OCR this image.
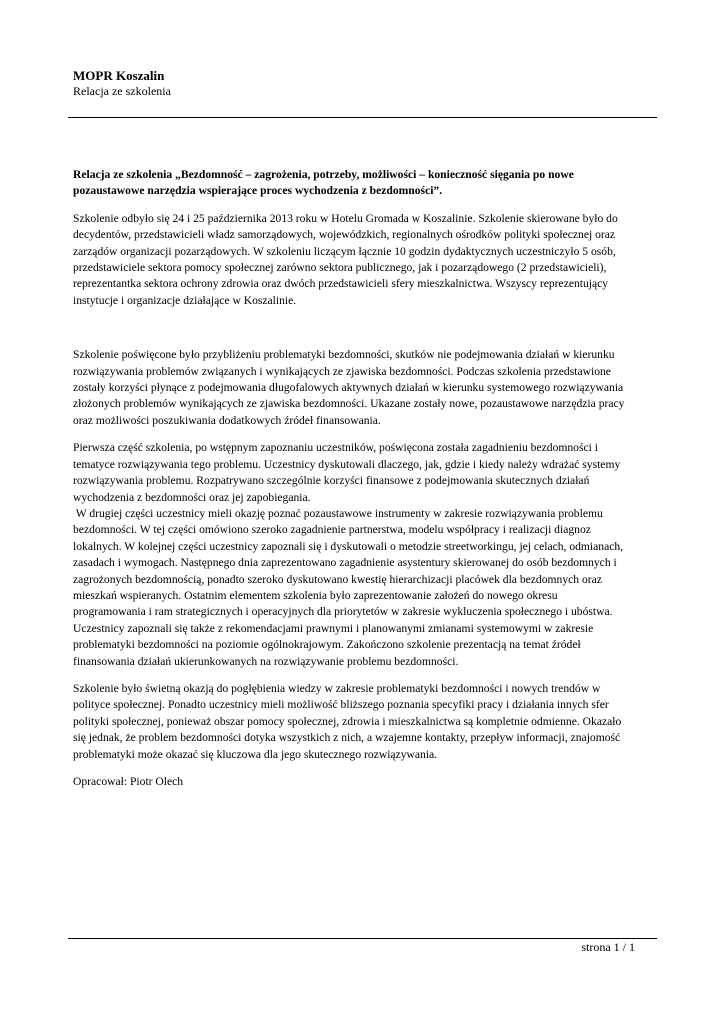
MOPR Koszalin
Relacja ze szkolenia
Relacja ze szkolenia „Bezdomność – zagrożenia, potrzeby, możliwości – konieczność sięgania po nowe
pozaustawowe narzędzia wspierające proces wychodzenia z bezdomności”.
Szkolenie odbyło się 24 i 25 października 2013 roku w Hotelu Gromada w Koszalinie. Szkolenie skierowane było do
decydentów, przedstawicieli władz samorządowych, wojewódzkich, regionalnych ośrodków polityki społecznej oraz
zarządów organizacji pozarządowych. W szkoleniu liczącym łącznie 10 godzin dydaktycznych uczestniczyło 5 osób,
przedstawiciele sektora pomocy społecznej zarówno sektora publicznego, jak i pozarządowego (2 przedstawicieli),
reprezentantka sektora ochrony zdrowia oraz dwóch przedstawicieli sfery mieszkalnictwa. Wszyscy reprezentujący
instytucje i organizacje działające w Koszalinie.
Szkolenie poświęcone było przybliżeniu problematyki bezdomności, skutków nie podejmowania działań w kierunku
rozwiązywania problemów związanych i wynikających ze zjawiska bezdomności. Podczas szkolenia przedstawione
zostały korzyści płynące z podejmowania długofalowych aktywnych działań w kierunku systemowego rozwiązywania
złożonych problemów wynikających ze zjawiska bezdomności. Ukazane zostały nowe, pozaustawowe narzędzia pracy
oraz możliwości poszukiwania dodatkowych źródeł finansowania.
Pierwsza część szkolenia, po wstępnym zapoznaniu uczestników, poświęcona została zagadnieniu bezdomności i
tematyce rozwiązywania tego problemu. Uczestnicy dyskutowali dlaczego, jak, gdzie i kiedy należy wdrażać systemy
rozwiązywania problemu. Rozpatrywano szczególnie korzyści finansowe z podejmowania skutecznych działań
wychodzenia z bezdomności oraz jej zapobiegania.
W drugiej części uczestnicy mieli okazję poznać pozaustawowe instrumenty w zakresie rozwiązywania problemu
bezdomności. W tej części omówiono szeroko zagadnienie partnerstwa, modelu współpracy i realizacji diagnoz
lokalnych. W kolejnej części uczestnicy zapoznali się i dyskutowali o metodzie streetworkingu, jej celach, odmianach,
zasadach i wymogach. Następnego dnia zaprezentowano zagadnienie asystentury skierowanej do osób bezdomnych i
zagrożonych bezdomnością, ponadto szeroko dyskutowano kwestię hierarchizacji placówek dla bezdomnych oraz
mieszkań wspieranych. Ostatnim elementem szkolenia było zaprezentowanie założeń do nowego okresu
programowania i ram strategicznych i operacyjnych dla priorytetów w zakresie wykluczenia społecznego i ubóstwa.
Uczestnicy zapoznali się także z rekomendacjami prawnymi i planowanymi zmianami systemowymi w zakresie
problematyki bezdomności na poziomie ogólnokrajowym. Zakończono szkolenie prezentacją na temat źródeł
finansowania działań ukierunkowanych na rozwiązywanie problemu bezdomności.
Szkolenie było świetną okazją do pogłębienia wiedzy w zakresie problematyki bezdomności i nowych trendów w
polityce społecznej. Ponadto uczestnicy mieli możliwość bliższego poznania specyfiki pracy i działania innych sfer
polityki społecznej, ponieważ obszar pomocy społecznej, zdrowia i mieszkalnictwa są kompletnie odmienne. Okazało
się jednak, że problem bezdomności dotyka wszystkich z nich, a wzajemne kontakty, przepływ informacji, znajomość
problematyki może okazać się kluczowa dla jego skutecznego rozwiązywania.
Opracował: Piotr Olech
strona 1 / 1
